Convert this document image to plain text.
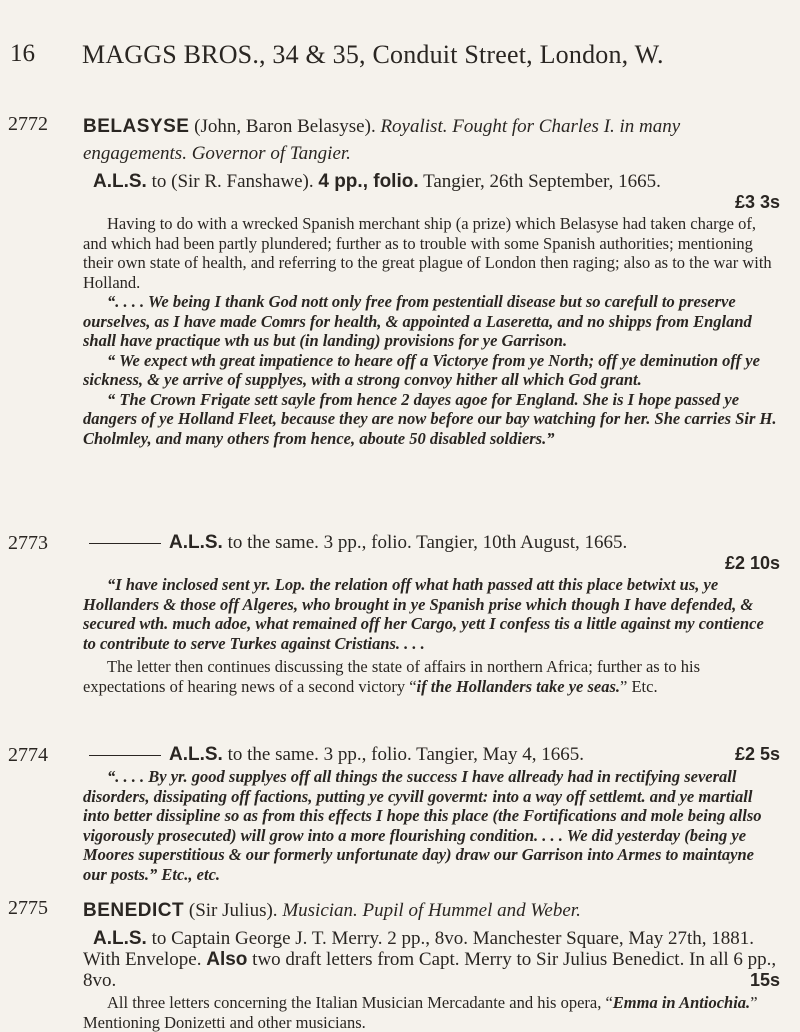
16 MAGGS BROS., 34 & 35, Conduit Street, London, W.
2772 BELASYSE (John, Baron Belasyse). Royalist. Fought for Charles I. in many engagements. Governor of Tangier.

A.L.S. to (Sir R. Fanshawe). 4 pp., folio. Tangier, 26th September, 1665.

£3 3s

Having to do with a wrecked Spanish merchant ship (a prize) which Belasyse had taken charge of, and which had been partly plundered; further as to trouble with some Spanish authorities; mentioning their own state of health, and referring to the great plague of London then raging; also as to the war with Holland.

“. . . . We being I thank God nott only free from pestentiall disease but so carefull to preserve ourselves, as I have made Comrs for health, & appointed a Laseretta, and no shipps from England shall have practique wth us but (in landing) provisions for ye Garrison.

“ We expect wth great impatience to heare off a Victorye from ye North; off ye deminution off ye sickness, & ye arrive of supplyes, with a strong convoy hither all which God grant.

“ The Crown Frigate sett sayle from hence 2 dayes agoe for England. She is I hope passed ye dangers of ye Holland Fleet, because they are now before our bay watching for her. She carries Sir H. Cholmley, and many others from hence, aboute 50 disabled soldiers.”

2773	A.L.S. to the same. 3 pp., folio. Tangier, 10th August, 1665.

£2 10s

“I have inclosed sent yr. Lop. the relation off what hath passed att this place betwixt us, ye Hollanders & those off Algeres, who brought in ye Spanish prise which though I have defended, & secured wth. much adoe, what remained off her Cargo, yett I confess tis a little against my contience to contribute to serve Turkes against Cristians. . . .

The letter then continues discussing the state of affairs in northern Africa; further as to his expectations of hearing news of a second victory “if the Hollanders take ye seas.” Etc.

2774	A.L.S. to the same. 3 pp., folio. Tangier, May 4, 1665.	£2 5s

“. . . . By yr. good supplyes off all things the success I have allready had in rectifying severall disorders, dissipating off factions, putting ye cyvill govermt: into a way off settlemt. and ye martiall into better dissipline so as from this effects I hope this place (the Fortifications and mole being allso vigorously prosecuted) will grow into a more flourishing condition. . . . We did yesterday (being ye Moores superstitious & our formerly unfortunate day) draw our Garrison into Armes to maintayne our posts.” Etc., etc.

2775 BENEDICT (Sir Julius). Musician. Pupil of Hummel and Weber.

A.L.S. to Captain George J. T. Merry. 2 pp., 8vo. Manchester Square, May 27th, 1881. With Envelope. Also two draft letters from Capt. Merry to Sir Julius Benedict. In all 6 pp., 8vo.	15s

All three letters concerning the Italian Musician Mercadante and his opera, “Emma in Antiochia.” Mentioning Donizetti and other musicians.
